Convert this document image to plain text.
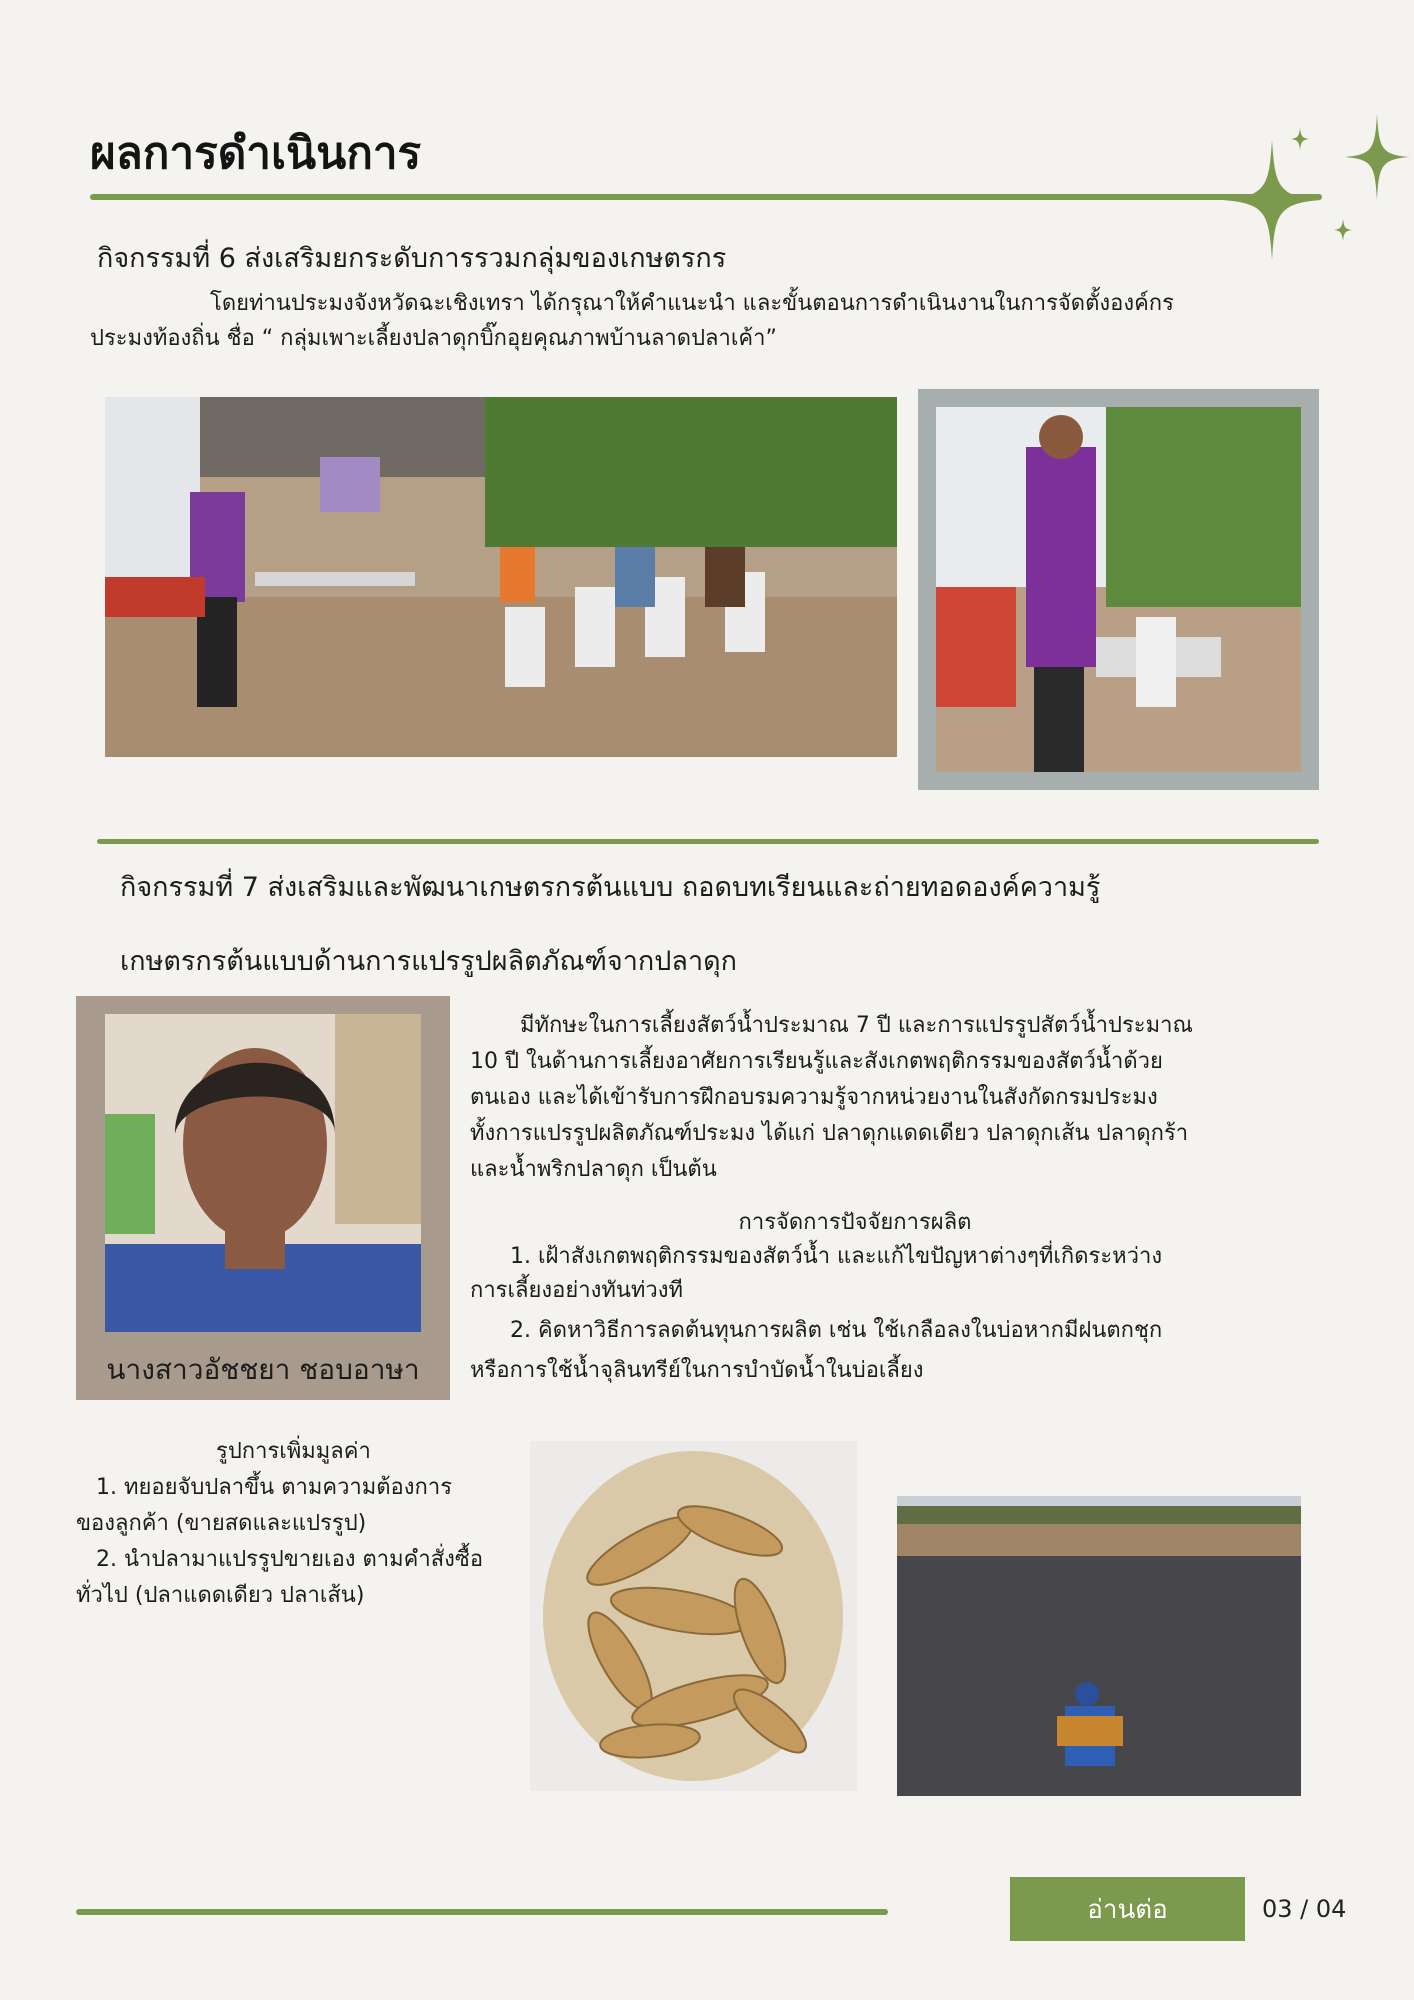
ผลการดำเนินการ
กิจกรรมที่ 6 ส่งเสริมยกระดับการรวมกลุ่มของเกษตรกร

โดยท่านประมงจังหวัดฉะเชิงเทรา ได้กรุณาให้คำแนะนำ และขั้นตอนการดำเนินงานในการจัดตั้งองค์กร

ประมงท้องถิ่น ชื่อ “ กลุ่มเพาะเลี้ยงปลาดุกบิ๊กอุยคุณภาพบ้านลาดปลาเค้า”

กิจกรรมที่ 7 ส่งเสริมและพัฒนาเกษตรกรต้นแบบ ถอดบทเรียนและถ่ายทอดองค์ความรู้
เกษตรกรต้นแบบด้านการแปรรูปผลิตภัณฑ์จากปลาดุก
นางสาวอัชชยา ชอบอาษา

มีทักษะในการเลี้ยงสัตว์น้ำประมาณ 7 ปี และการแปรรูปสัตว์น้ำประมาณ

10 ปี ในด้านการเลี้ยงอาศัยการเรียนรู้และสังเกตพฤติกรรมของสัตว์น้ำด้วย

ตนเอง และได้เข้ารับการฝึกอบรมความรู้จากหน่วยงานในสังกัดกรมประมง

ทั้งการแปรรูปผลิตภัณฑ์ประมง ได้แก่ ปลาดุกแดดเดียว ปลาดุกเส้น ปลาดุกร้า

และน้ำพริกปลาดุก เป็นต้น

การจัดการปัจจัยการผลิต

1. เฝ้าสังเกตพฤติกรรมของสัตว์น้ำ และแก้ไขปัญหาต่างๆที่เกิดระหว่าง

การเลี้ยงอย่างทันท่วงที

2. คิดหาวิธีการลดต้นทุนการผลิต เช่น ใช้เกลือลงในบ่อหากมีฝนตกชุก

หรือการใช้น้ำจุลินทรีย์ในการบำบัดน้ำในบ่อเลี้ยง

รูปการเพิ่มมูลค่า

1. ทยอยจับปลาขึ้น ตามความต้องการ

ของลูกค้า (ขายสดและแปรรูป)

2. นำปลามาแปรรูปขายเอง ตามคำสั่งซื้อ

ทั่วไป (ปลาแดดเดียว ปลาเส้น)

อ่านต่อ	03 / 04
